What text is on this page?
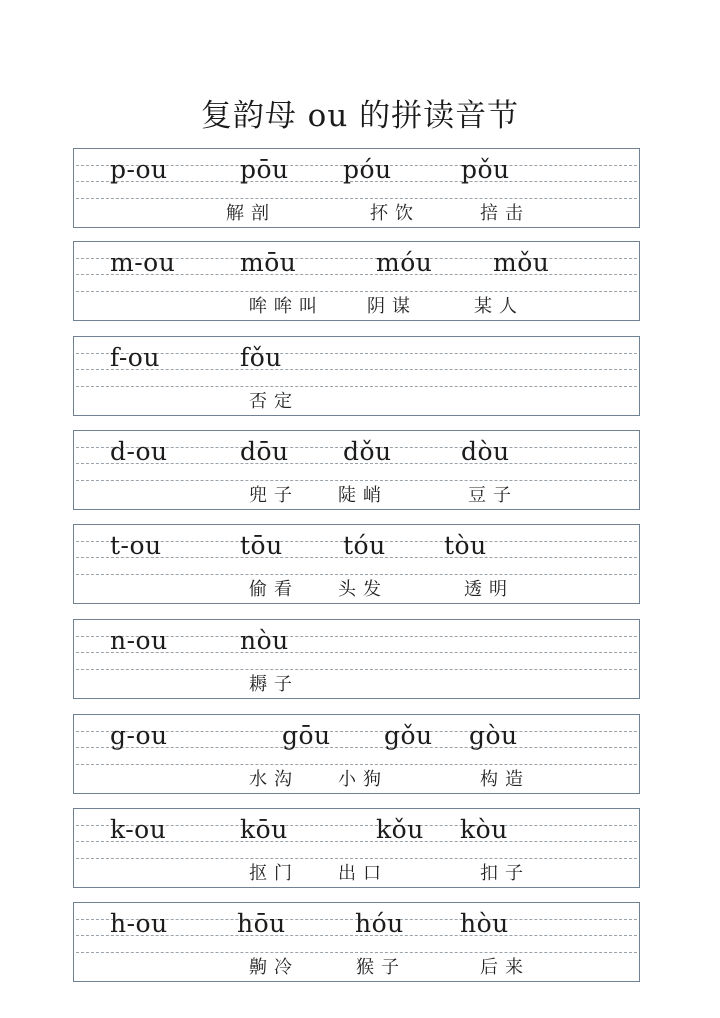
复韵母 ou 的拼读音节
p-ou	pōu póu	pǒu
解剖	抔饮	掊击
m-ou	mōu	móu mǒu
哞哞叫 阴谋	某人
f-ou	fǒu
否定
d-ou	dōu dǒu	dòu
兜子 陡峭	豆子
t-ou	tōu tóu tòu
偷看 头发	透明
n-ou	nòu
耨子
g-ou	gōu gǒu gòu
水沟 小狗	构造
k-ou	kōu	kǒu kòu
抠门 出口	扣子
h-ou	hōu	hóu hòu
齁冷	猴子	后来
